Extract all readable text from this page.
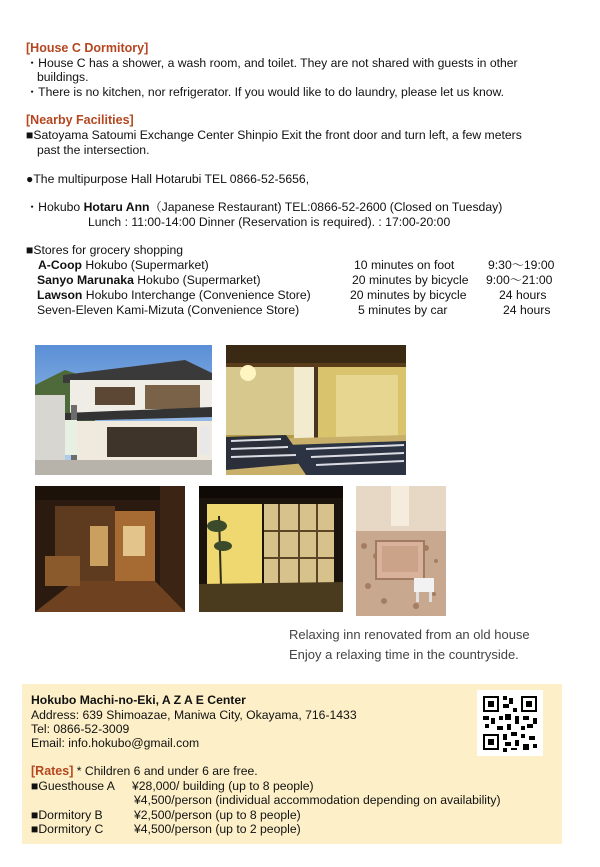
[House C Dormitory]
・House C has a shower, a wash room, and toilet. They are not shared with guests in other
buildings.
・There is no kitchen, nor refrigerator. If you would like to do laundry, please let us know.
[Nearby Facilities]
■Satoyama Satoumi Exchange Center Shinpio Exit the front door and turn left, a few meters
past the intersection.
●The multipurpose Hall Hotarubi TEL 0866-52-5656,
・Hokubo Hotaru Ann（Japanese Restaurant) TEL:0866-52-2600 (Closed on Tuesday)
Lunch : 11:00-14:00 Dinner (Reservation is required). : 17:00-20:00
■Stores for grocery shopping
A-Coop Hokubo (Supermarket)	10 minutes on foot	9:30～19:00
Sanyo Marunaka Hokubo (Supermarket)	20 minutes by bicycle 9:00～21:00
Lawson Hokubo Interchange (Convenience Store)	20 minutes by bicycle	24 hours
Seven-Eleven Kami-Mizuta (Convenience Store)	5 minutes by car	24 hours
Relaxing inn renovated from an old house
Enjoy a relaxing time in the countryside.
Hokubo Machi-no-Eki, A Z A E Center
Address: 639 Shimoazae, Maniwa City, Okayama, 716-1433
Tel: 0866-52-3009
Email: info.hokubo@gmail.com
[Rates] * Children 6 and under 6 are free.
■Guesthouse A ¥28,000/ building (up to 8 people)
¥4,500/person (individual accommodation depending on availability)
■Dormitory B	¥2,500/person (up to 8 people)
■Dormitory C	¥4,500/person (up to 2 people)
